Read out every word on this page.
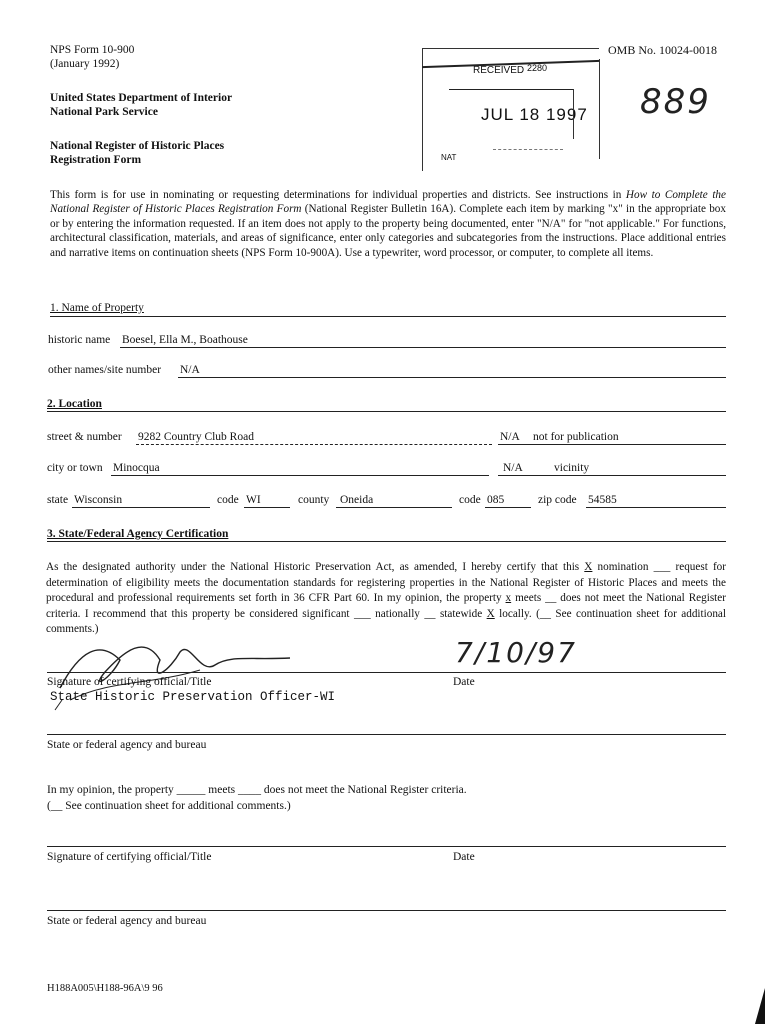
NPS Form 10-900
(January 1992)
United States Department of Interior
National Park Service
National Register of Historic Places
Registration Form
OMB No. 10024-0018
889
RECEIVED 2280
JUL 18 1997
NAT
This form is for use in nominating or requesting determinations for individual properties and districts. See instructions in How to Complete the National Register of Historic Places Registration Form (National Register Bulletin 16A). Complete each item by marking "x" in the appropriate box or by entering the information requested. If an item does not apply to the property being documented, enter "N/A" for "not applicable." For functions, architectural classification, materials, and areas of significance, enter only categories and subcategories from the instructions. Place additional entries and narrative items on continuation sheets (NPS Form 10-900A). Use a typewriter, word processor, or computer, to complete all items.
1. Name of Property
historic name Boesel, Ella M., Boathouse
other names/site number N/A
2. Location
street & number 9282 Country Club Road	N/A not for publication
city or town Minocqua	N/A	vicinity
state Wisconsin	code WI	county Oneida	code 085	zip code 54585
3. State/Federal Agency Certification
As the designated authority under the National Historic Preservation Act, as amended, I hereby certify that this X nomination ___ request for determination of eligibility meets the documentation standards for registering properties in the National Register of Historic Places and meets the procedural and professional requirements set forth in 36 CFR Part 60. In my opinion, the property x meets __ does not meet the National Register criteria. I recommend that this property be considered significant ___ nationally __ statewide X locally. (__ See continuation sheet for additional comments.)
7/10/97
Signature of certifying official/Title	Date
State Historic Preservation Officer-WI
State or federal agency and bureau
In my opinion, the property _____ meets ____ does not meet the National Register criteria.
(__ See continuation sheet for additional comments.)
Signature of certifying official/Title	Date
State or federal agency and bureau
H188A005\H188-96A\9 96
